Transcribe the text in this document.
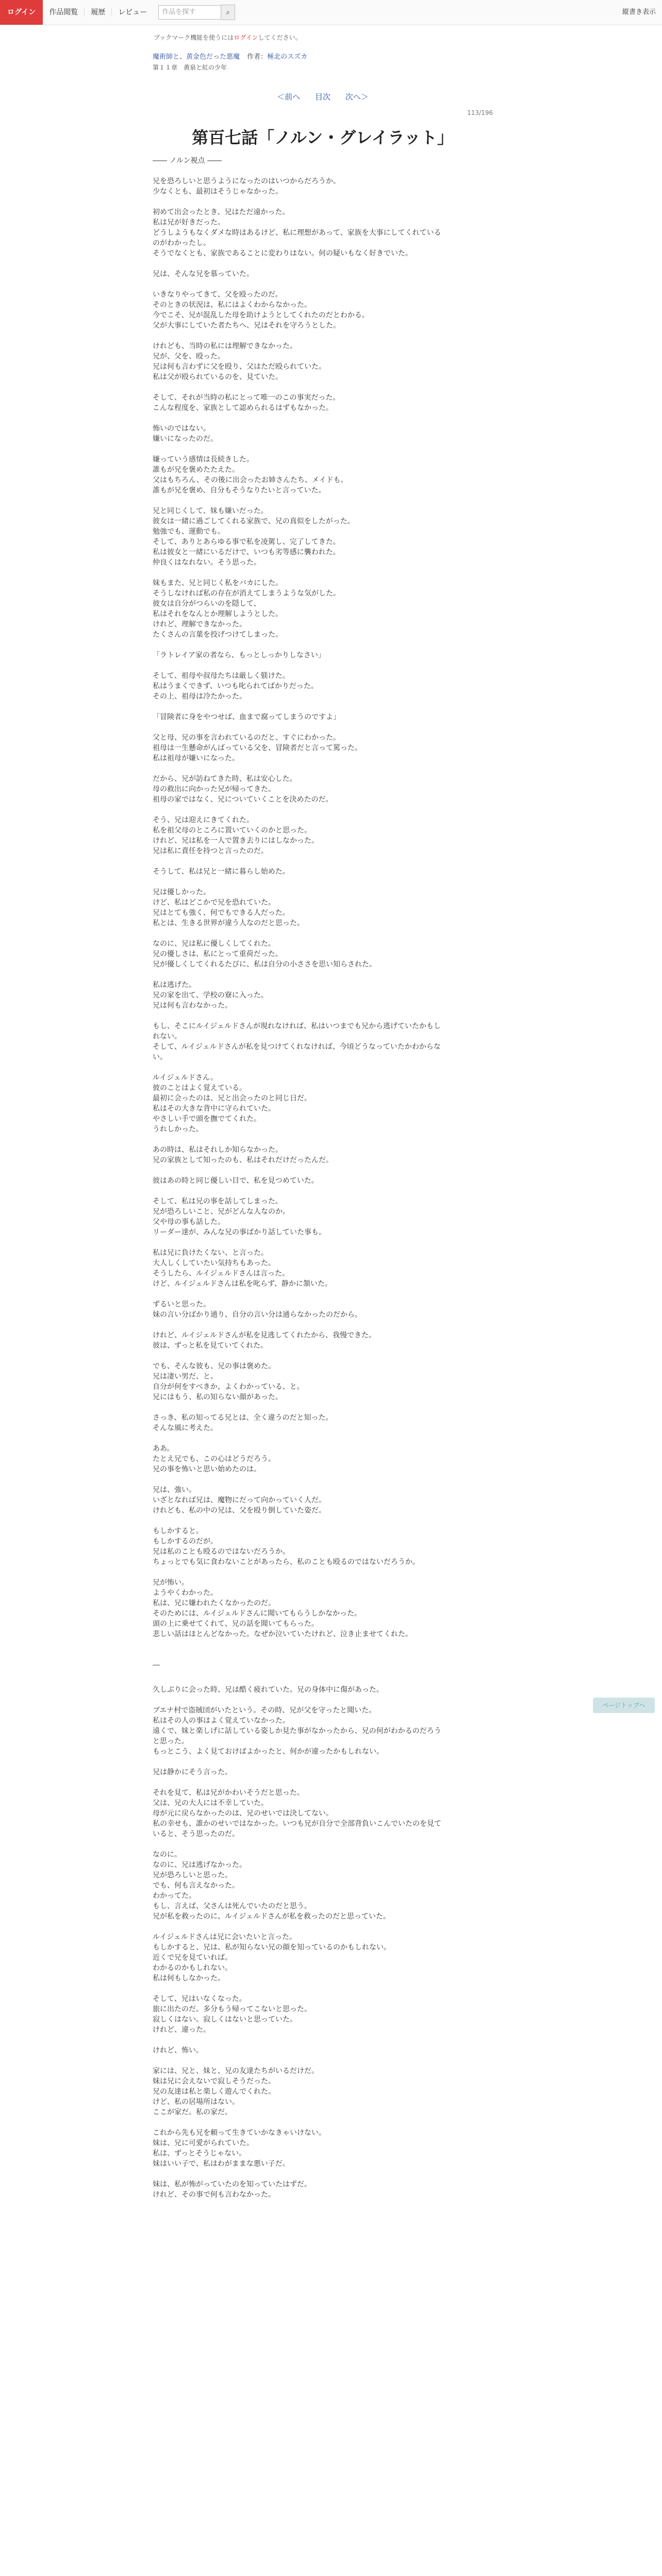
ログイン	作品閲覧	履歴	レビュー	作品を探す	⌕	縦書き表示
ブックマーク機能を使うにはログインしてください。
魔術師と、黄金色だった悪魔 作者：極北のスズカ
第１１章　黄泉と紅の少年
＜前へ 目次 次へ＞
113/196
第百七話「ノルン・グレイラット」

―― ノルン視点 ――

兄を恐ろしいと思うようになったのはいつからだろうか。

少なくとも、最初はそうじゃなかった。

初めて出会ったとき、兄はただ遠かった。

私は兄が好きだった。

どうしようもなくダメな時はあるけど、私に理想があって、家族を大事にしてくれているのがわかったし。

そうでなくとも、家族であることに変わりはない。何の疑いもなく好きでいた。

兄は、そんな兄を慕っていた。

いきなりやってきて、父を殴ったのだ。

そのときの状況は、私にはよくわからなかった。

今でこそ、兄が混乱した母を助けようとしてくれたのだとわかる。

父が大事にしていた者たちへ、兄はそれを守ろうとした。

けれども、当時の私には理解できなかった。

兄が、父を、殴った。

兄は何も言わずに父を殴り、父はただ殴られていた。

私は父が殴られているのを、見ていた。

そして、それが当時の私にとって唯一のこの事実だった。

こんな程度を、家族として認められるはずもなかった。

怖いのではない。

嫌いになったのだ。

嫌っていう感情は長続きした。

誰もが兄を褒めたたえた。

父はもちろん、その後に出会ったお姉さんたち、メイドも。

誰もが兄を褒め、自分もそうなりたいと言っていた。

兄と同じくして、妹も嫌いだった。

彼女は一緒に過ごしてくれる家族で、兄の真似をしたがった。

勉強でも、運動でも。

そして、ありとあらゆる事で私を凌駕し、完了してきた。

私は彼女と一緒にいるだけで、いつも劣等感に襲われた。

仲良くはなれない。そう思った。

妹もまた、兄と同じく私をバカにした。

そうしなければ私の存在が消えてしまうような気がした。

彼女は自分がつらいのを隠して、

私はそれをなんとか理解しようとした。

けれど、理解できなかった。

たくさんの言葉を投げつけてしまった。

「ラトレイア家の者なら、もっとしっかりしなさい」

そして、祖母や叔母たちは厳しく躾けた。

私はうまくできず、いつも叱られてばかりだった。

その上、祖母は冷たかった。

「冒険者に身をやつせば、血まで腐ってしまうのですよ」

父と母、兄の事を言われているのだと、すぐにわかった。

祖母は一生懸命がんばっている父を、冒険者だと言って罵った。

私は祖母が嫌いになった。

だから、兄が訪ねてきた時、私は安心した。

母の救出に向かった兄が帰ってきた。

祖母の家ではなく、兄についていくことを決めたのだ。

そう、兄は迎えにきてくれた。

私を祖父母のところに置いていくのかと思った。

けれど、兄は私を一人で置き去りにはしなかった。

兄は私に責任を持つと言ったのだ。

そうして、私は兄と一緒に暮らし始めた。

兄は優しかった。

けど、私はどこかで兄を恐れていた。

兄はとても強く、何でもできる人だった。

私とは、生きる世界が違う人なのだと思った。

なのに、兄は私に優しくしてくれた。

兄の優しさは、私にとって重荷だった。

兄が優しくしてくれるたびに、私は自分の小ささを思い知らされた。

私は逃げた。

兄の家を出て、学校の寮に入った。

兄は何も言わなかった。

もし、そこにルイジェルドさんが現れなければ、私はいつまでも兄から逃げていたかもしれない。

そして、ルイジェルドさんが私を見つけてくれなければ、今頃どうなっていたかわからない。

ルイジェルドさん。

彼のことはよく覚えている。

最初に会ったのは、兄と出会ったのと同じ日だ。

私はその大きな背中に守られていた。

やさしい手で頭を撫でてくれた。

うれしかった。

あの時は、私はそれしか知らなかった。

兄の家族として知ったのも、私はそれだけだったんだ。

彼はあの時と同じ優しい目で、私を見つめていた。

そして、私は兄の事を話してしまった。

兄が恐ろしいこと、兄がどんな人なのか。

父や母の事も話した。

リーダー達が、みんな兄の事ばかり話していた事も。

私は兄に負けたくない、と言った。

大人しくしていたい気持ちもあった。

そうしたら、ルイジェルドさんは言った。

けど、ルイジェルドさんは私を叱らず、静かに頷いた。

ずるいと思った。

妹の言い分ばかり通り、自分の言い分は通らなかったのだから。

けれど、ルイジェルドさんが私を見逃してくれたから、我慢できた。

彼は、ずっと私を見ていてくれた。

でも、そんな彼も、兄の事は褒めた。

兄は凄い男だ、と。

自分が何をすべきか、よくわかっている、と。

兄にはもう、私の知らない顔があった。

さっき、私の知ってる兄とは、全く違うのだと知った。

そんな風に考えた。

ああ。

たとえ兄でも、この心はどうだろう。

兄の事を怖いと思い始めたのは。

兄は、強い。

いざとなれば兄は、魔物にだって向かっていく人だ。

けれども、私の中の兄は、父を殴り倒していた姿だ。

もしかすると。

もしかするのだが。

兄は私のことも殴るのではないだろうか。

ちょっとでも気に食わないことがあったら、私のことも殴るのではないだろうか。

兄が怖い。

ようやくわかった。

私は、兄に嫌われたくなかったのだ。

そのためには、ルイジェルドさんに聞いてもらうしかなかった。

頭の上に乗せてくれて、兄の話を聞いてもらった。

悲しい話はほとんどなかった。なぜか泣いていたけれど、泣き止ませてくれた。

―

久しぶりに会った時、兄は酷く疲れていた。兄の身体中に傷があった。

ブエナ村で盗賊団がいたという。その時、兄が父を守ったと聞いた。

私はその人の事はよく覚えていなかった。

遠くで、妹と楽しげに話している姿しか見た事がなかったから、兄の何がわかるのだろうと思った。

もっとこう、よく見ておけばよかったと、何かが違ったかもしれない。

兄は静かにそう言った。

それを見て、私は兄がかわいそうだと思った。

父は、兄の大人には不幸していた。

母が元に戻らなかったのは、兄のせいでは決してない。

私の幸せも、誰かのせいではなかった。いつも兄が自分で全部背負いこんでいたのを見ていると、そう思ったのだ。

なのに。

なのに、兄は逃げなかった。

兄が恐ろしいと思った。

でも、何も言えなかった。

わかってた。

もし、言えば、父さんは死んでいたのだと思う。

兄が私を救ったのに、ルイジェルドさんが私を救ったのだと思っていた。

ルイジェルドさんは兄に会いたいと言った。

もしかすると、兄は、私が知らない兄の顔を知っているのかもしれない。

近くで兄を見ていれば。

わかるのかもしれない。

私は何もしなかった。

そして、兄はいなくなった。

旅に出たのだ。多分もう帰ってこないと思った。

寂しくはない。寂しくはないと思っていた。

けれど、違った。

けれど、怖い。

家には、兄と、妹と、兄の友達たちがいるだけだ。

妹は兄に会えないで寂しそうだった。

兄の友達は私と楽しく遊んでくれた。

けど、私の居場所はない。

ここが家だ。私の家だ。

これから先も兄を頼って生きていかなきゃいけない。

妹は、兄に可愛がられていた。

私は、ずっとそうじゃない。

妹はいい子で、私はわがままな悪い子だ。

妹は、私が怖がっていたのを知っていたはずだ。

けれど、その事で何も言わなかった。

ページトップへ
